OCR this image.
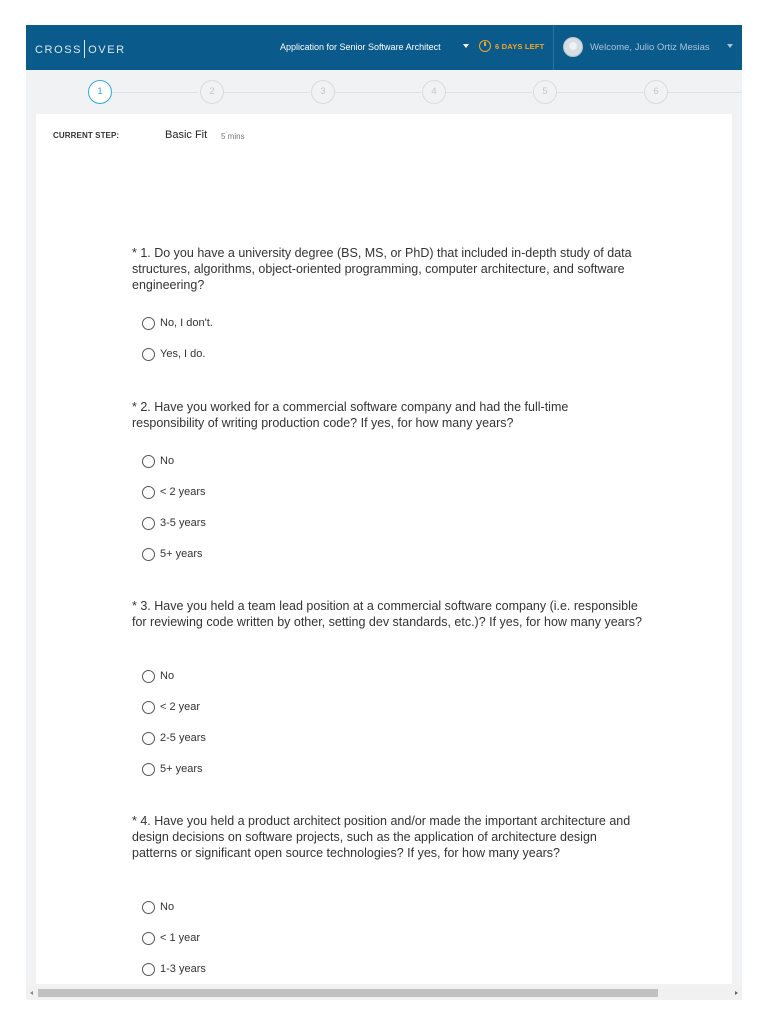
CROSS OVER	Application for Senior Software Architect	6 DAYS LEFT	Welcome, Julio Ortiz Mesias
1	2	3	4	5	6
CURRENT STEP:	Basic Fit 5 mins
* 1. Do you have a university degree (BS, MS, or PhD) that included in-depth study of data structures, algorithms, object-oriented programming, computer architecture, and software engineering?
No, I don't.
Yes, I do.
* 2. Have you worked for a commercial software company and had the full-time responsibility of writing production code? If yes, for how many years?
No
< 2 years
3-5 years
5+ years
* 3. Have you held a team lead position at a commercial software company (i.e. responsible for reviewing code written by other, setting dev standards, etc.)? If yes, for how many years?
No
< 2 year
2-5 years
5+ years
* 4. Have you held a product architect position and/or made the important architecture and design decisions on software projects, such as the application of architecture design patterns or significant open source technologies? If yes, for how many years?
No
< 1 year
1-3 years
